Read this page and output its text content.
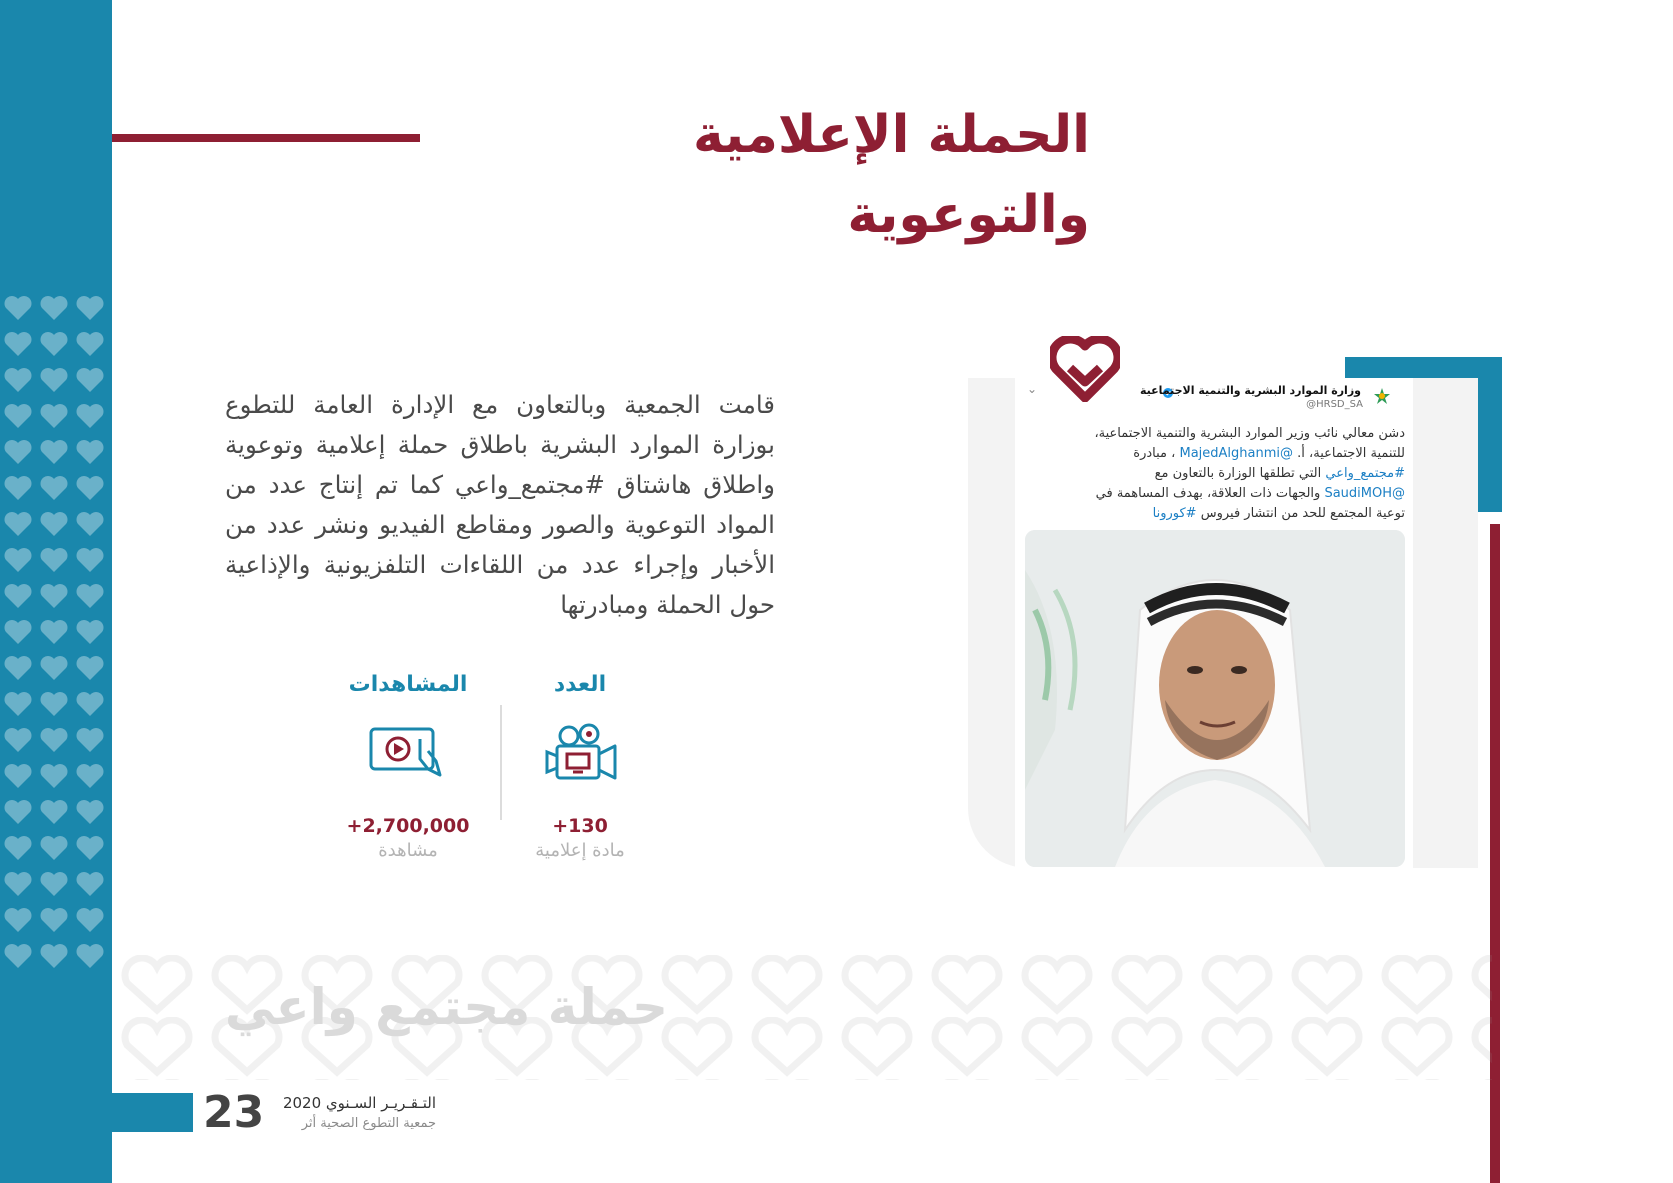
الحملة الإعلامية والتوعوية
قامت الجمعية وبالتعاون مع الإدارة العامة للتطوع بوزارة الموارد البشرية باطلاق حملة إعلامية وتوعوية واطلاق هاشتاق #مجتمع_واعي كما تم إنتاج عدد من المواد التوعوية والصور ومقاطع الفيديو ونشر عدد من الأخبار وإجراء عدد من اللقاءات التلفزيونية والإذاعية حول الحملة ومبادرتها
المشاهدات
+2,700,000
مشاهدة
العدد
+130
مادة إعلامية
⌄	وزارة الموارد البشرية والتنمية الاجتماعية
@HRSD_SA
دشن معالي نائب وزير الموارد البشرية والتنمية الاجتماعية،
للتنمية الاجتماعية، أ. @MajedAlghanmi ، مبادرة
#مجتمع_واعي التي تطلقها الوزارة بالتعاون مع
@SaudiMOH والجهات ذات العلاقة، بهدف المساهمة في
توعية المجتمع للحد من انتشار فيروس #كورونا
حملة مجتمع واعي
23	التـقـريـر السـنوي 2020
جمعية التطوع الصحية أثر
